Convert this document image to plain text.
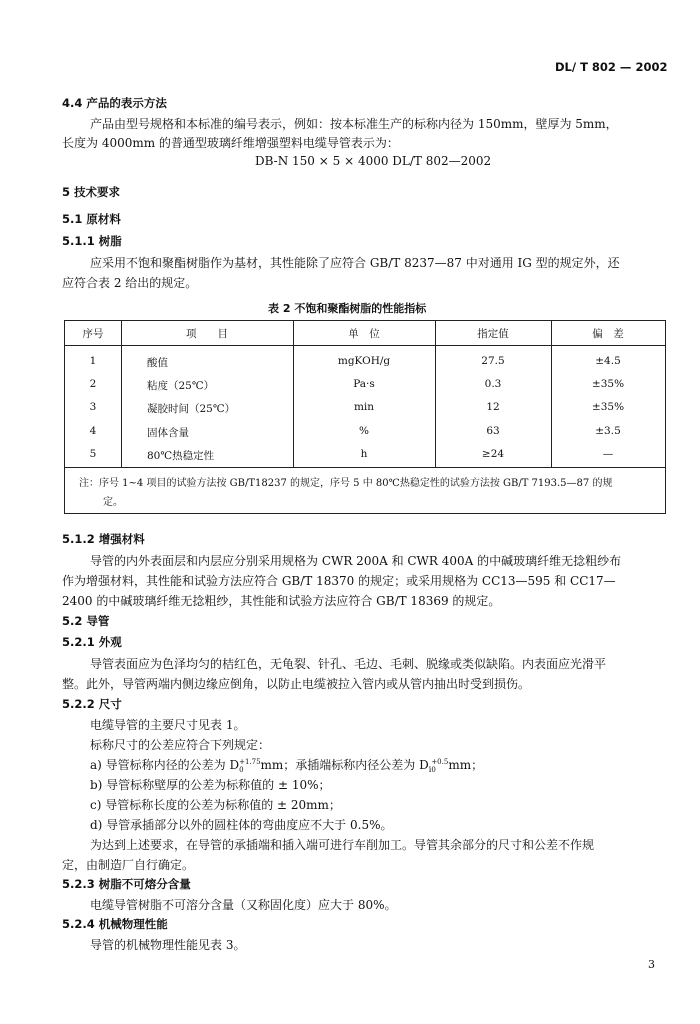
DL/ T 802 — 2002
4.4 产品的表示方法
产品由型号规格和本标准的编号表示，例如：按本标准生产的标称内径为 150mm，壁厚为 5mm，
长度为 4000mm 的普通型玻璃纤维增强塑料电缆导管表示为：
DB-N 150 × 5 × 4000 DL/T 802—2002
5 技术要求
5.1 原材料
5.1.1 树脂
应采用不饱和聚酯树脂作为基材，其性能除了应符合 GB/T 8237—87 中对通用 IG 型的规定外，还
应符合表 2 给出的规定。
表 2 不饱和聚酯树脂的性能指标
序号	项　　目	单　位	指定值	偏　差
1	酸值	mgKOH/g	27.5	±4.5
2	粘度（25℃）	Pa·s	0.3	±35%
3	凝胶时间（25℃）	min	12	±35%
4	固体含量	%	63	±3.5
5	80℃热稳定性	h	≥24	—
注：序号 1~4 项目的试验方法按 GB/T18237 的规定，序号 5 中 80℃热稳定性的试验方法按 GB/T 7193.5—87 的规
定。
5.1.2 增强材料
导管的内外表面层和内层应分别采用规格为 CWR 200A 和 CWR 400A 的中碱玻璃纤维无捻粗纱布
作为增强材料，其性能和试验方法应符合 GB/T 18370 的规定；或采用规格为 CC13—595 和 CC17—
2400 的中碱玻璃纤维无捻粗纱，其性能和试验方法应符合 GB/T 18369 的规定。
5.2 导管
5.2.1 外观
导管表面应为色泽均匀的桔红色，无龟裂、针孔、毛边、毛刺、脱缘或类似缺陷。内表面应光滑平
整。此外，导管两端内侧边缘应倒角，以防止电缆被拉入管内或从管内抽出时受到损伤。
5.2.2 尺寸
电缆导管的主要尺寸见表 1。
标称尺寸的公差应符合下列规定：
a) 导管标称内径的公差为 D +1.75
0	mm；承插端标称内径公差为 $D_i$
+0.5
0	mm；
b) 导管标称壁厚的公差为标称值的 ± 10%；
c) 导管标称长度的公差为标称值的 ± 20mm；
d) 导管承插部分以外的圆柱体的弯曲度应不大于 0.5%。
为达到上述要求，在导管的承插端和插入端可进行车削加工。导管其余部分的尺寸和公差不作规
定，由制造厂自行确定。
5.2.3 树脂不可熔分含量
电缆导管树脂不可溶分含量（又称固化度）应大于 80%。
5.2.4 机械物理性能
导管的机械物理性能见表 3。
3
